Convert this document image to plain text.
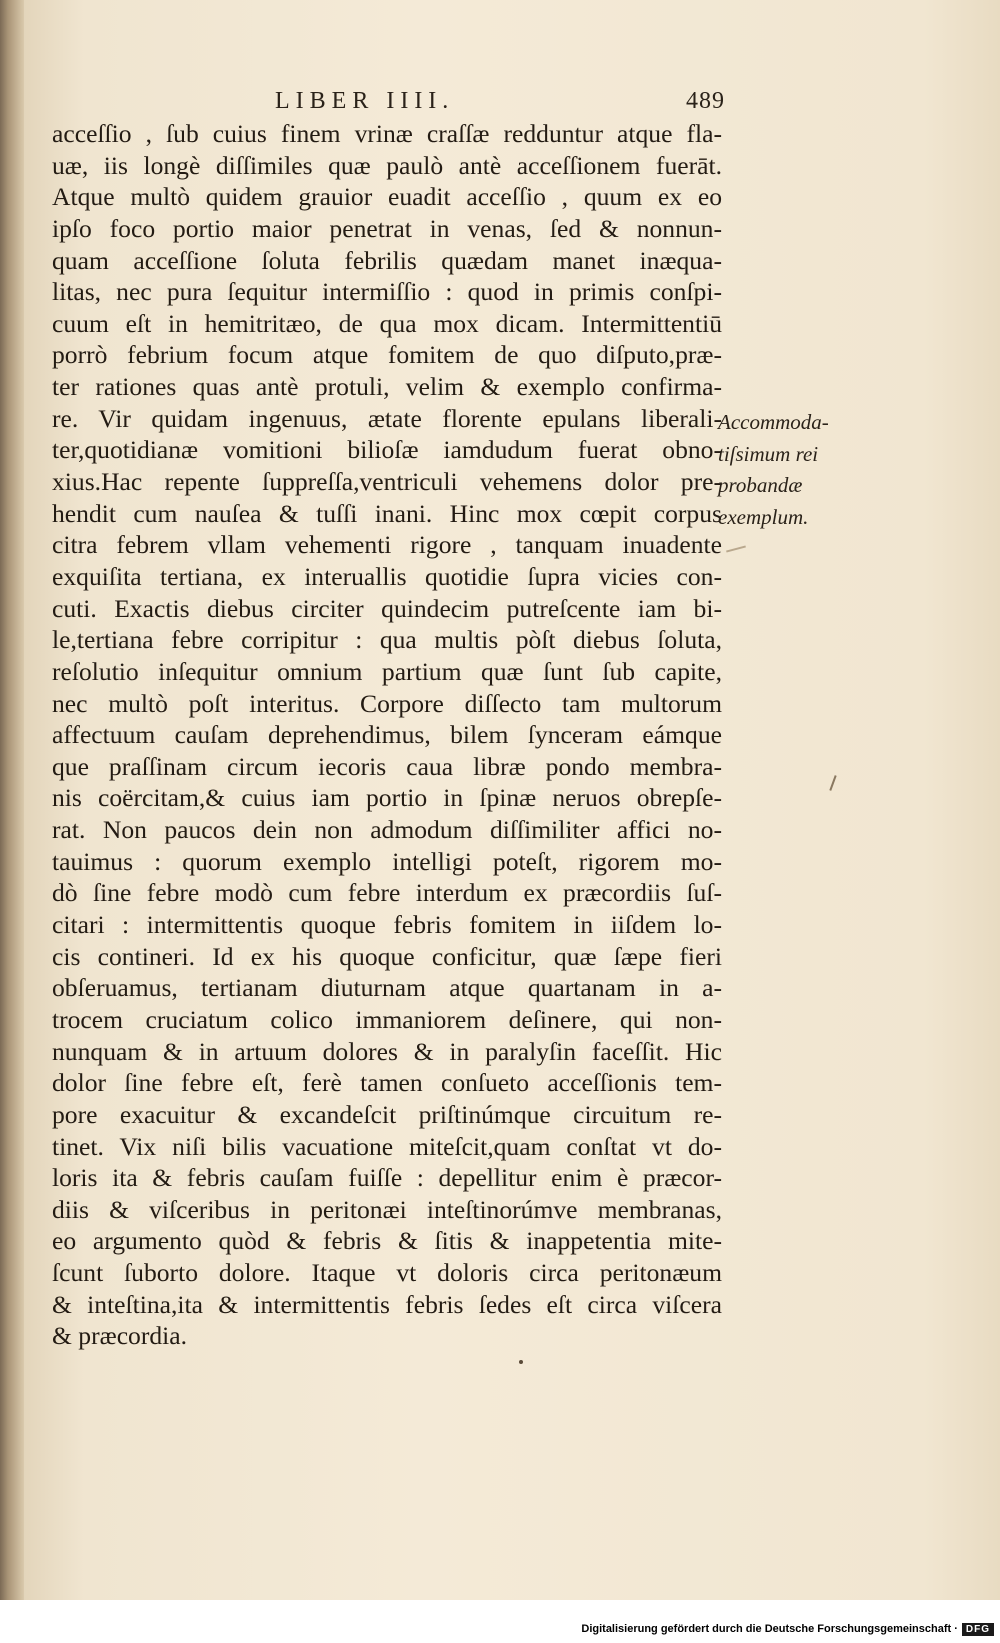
LIBER IIII.	489
acceſſio , ſub cuius finem vrinæ craſſæ redduntur atque fla-
uæ, iis longè diſſimiles quæ paulò antè acceſſionem fuerāt.
Atque multò quidem grauior euadit acceſſio , quum ex eo
ipſo foco portio maior penetrat in venas, ſed & nonnun-
quam acceſſione ſoluta febrilis quædam manet inæqua-
litas, nec pura ſequitur intermiſſio : quod in primis conſpi-
cuum eſt in hemitritæo, de qua mox dicam. Intermittentiū
porrò febrium focum atque fomitem de quo diſputo,præ-
ter rationes quas antè protuli, velim & exemplo confirma-
re. Vir quidam ingenuus, ætate florente epulans liberali-
ter,quotidianæ vomitioni bilioſæ iamdudum fuerat obno-
xius.Hac repente ſuppreſſa,ventriculi vehemens dolor pre-
hendit cum nauſea & tuſſi inani. Hinc mox cœpit corpus
citra febrem vllam vehementi rigore , tanquam inuadente
exquiſita tertiana, ex interuallis quotidie ſupra vicies con-
cuti. Exactis diebus circiter quindecim putreſcente iam bi-
le,tertiana febre corripitur : qua multis pòſt diebus ſoluta,
reſolutio inſequitur omnium partium quæ ſunt ſub capite,
nec multò poſt interitus. Corpore diſſecto tam multorum
affectuum cauſam deprehendimus, bilem ſynceram eámque
que praſſinam circum iecoris caua libræ pondo membra-
nis coërcitam,& cuius iam portio in ſpinæ neruos obrepſe-
rat. Non paucos dein non admodum diſſimiliter affici no-
tauimus : quorum exemplo intelligi poteſt, rigorem mo-
dò ſine febre modò cum febre interdum ex præcordiis ſuſ-
citari : intermittentis quoque febris fomitem in iiſdem lo-
cis contineri. Id ex his quoque conficitur, quæ ſæpe fieri
obſeruamus, tertianam diuturnam atque quartanam in a-
trocem cruciatum colico immaniorem deſinere, qui non-
nunquam & in artuum dolores & in paralyſin faceſſit. Hic
dolor ſine febre eſt, ferè tamen conſueto acceſſionis tem-
pore exacuitur & excandeſcit priſtinúmque circuitum re-
tinet. Vix niſi bilis vacuatione miteſcit,quam conſtat vt do-
loris ita & febris cauſam fuiſſe : depellitur enim è præcor-
diis & viſceribus in peritonæi inteſtinorúmve membranas,
eo argumento quòd & febris & ſitis & inappetentia mite-
ſcunt ſuborto dolore. Itaque vt doloris circa peritonæum
& inteſtina,ita & intermittentis febris ſedes eſt circa viſcera
& præcordia.
Accommoda-
tiſsimum rei
probandæ
exemplum.
Digitalisierung gefördert durch die Deutsche Forschungsgemeinschaft · DFG
